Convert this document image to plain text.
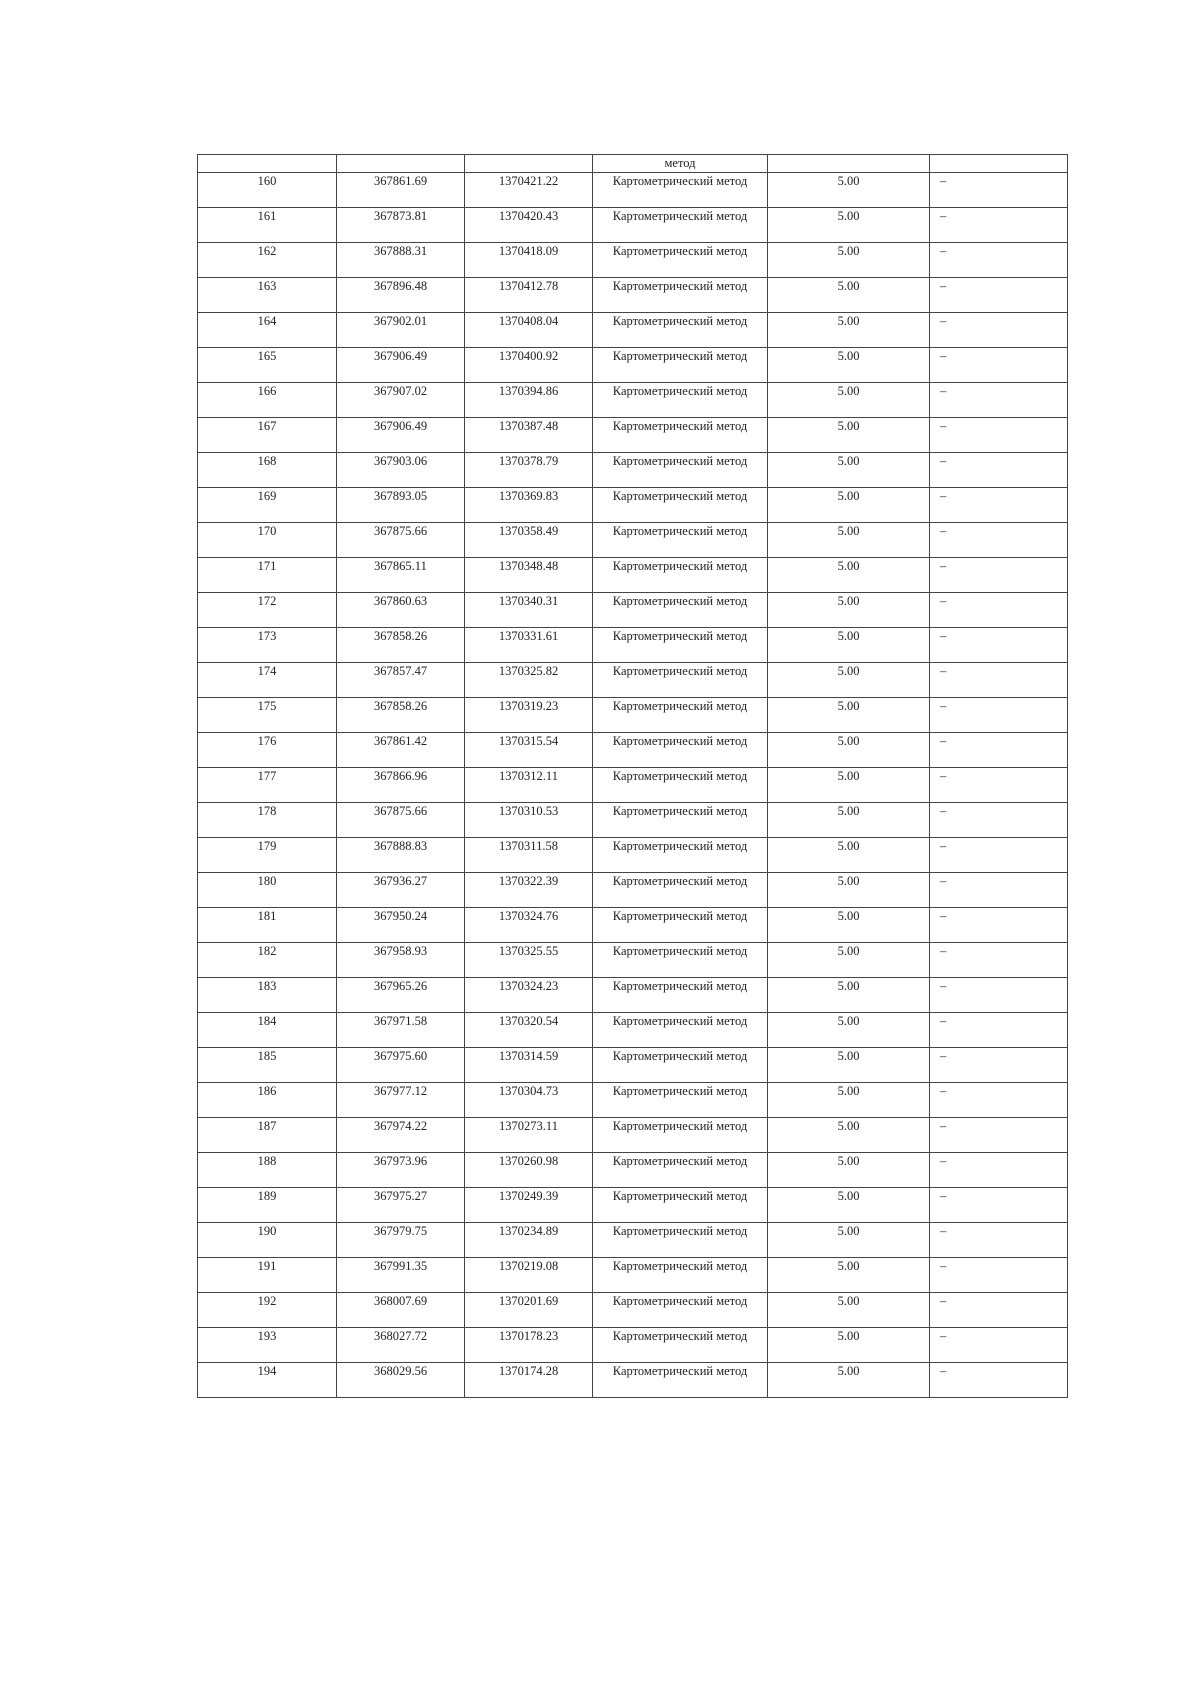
			метод		
160	367861.69	1370421.22	Картометрический метод	5.00	–
161	367873.81	1370420.43	Картометрический метод	5.00	–
162	367888.31	1370418.09	Картометрический метод	5.00	–
163	367896.48	1370412.78	Картометрический метод	5.00	–
164	367902.01	1370408.04	Картометрический метод	5.00	–
165	367906.49	1370400.92	Картометрический метод	5.00	–
166	367907.02	1370394.86	Картометрический метод	5.00	–
167	367906.49	1370387.48	Картометрический метод	5.00	–
168	367903.06	1370378.79	Картометрический метод	5.00	–
169	367893.05	1370369.83	Картометрический метод	5.00	–
170	367875.66	1370358.49	Картометрический метод	5.00	–
171	367865.11	1370348.48	Картометрический метод	5.00	–
172	367860.63	1370340.31	Картометрический метод	5.00	–
173	367858.26	1370331.61	Картометрический метод	5.00	–
174	367857.47	1370325.82	Картометрический метод	5.00	–
175	367858.26	1370319.23	Картометрический метод	5.00	–
176	367861.42	1370315.54	Картометрический метод	5.00	–
177	367866.96	1370312.11	Картометрический метод	5.00	–
178	367875.66	1370310.53	Картометрический метод	5.00	–
179	367888.83	1370311.58	Картометрический метод	5.00	–
180	367936.27	1370322.39	Картометрический метод	5.00	–
181	367950.24	1370324.76	Картометрический метод	5.00	–
182	367958.93	1370325.55	Картометрический метод	5.00	–
183	367965.26	1370324.23	Картометрический метод	5.00	–
184	367971.58	1370320.54	Картометрический метод	5.00	–
185	367975.60	1370314.59	Картометрический метод	5.00	–
186	367977.12	1370304.73	Картометрический метод	5.00	–
187	367974.22	1370273.11	Картометрический метод	5.00	–
188	367973.96	1370260.98	Картометрический метод	5.00	–
189	367975.27	1370249.39	Картометрический метод	5.00	–
190	367979.75	1370234.89	Картометрический метод	5.00	–
191	367991.35	1370219.08	Картометрический метод	5.00	–
192	368007.69	1370201.69	Картометрический метод	5.00	–
193	368027.72	1370178.23	Картометрический метод	5.00	–
194	368029.56	1370174.28	Картометрический метод	5.00	–
